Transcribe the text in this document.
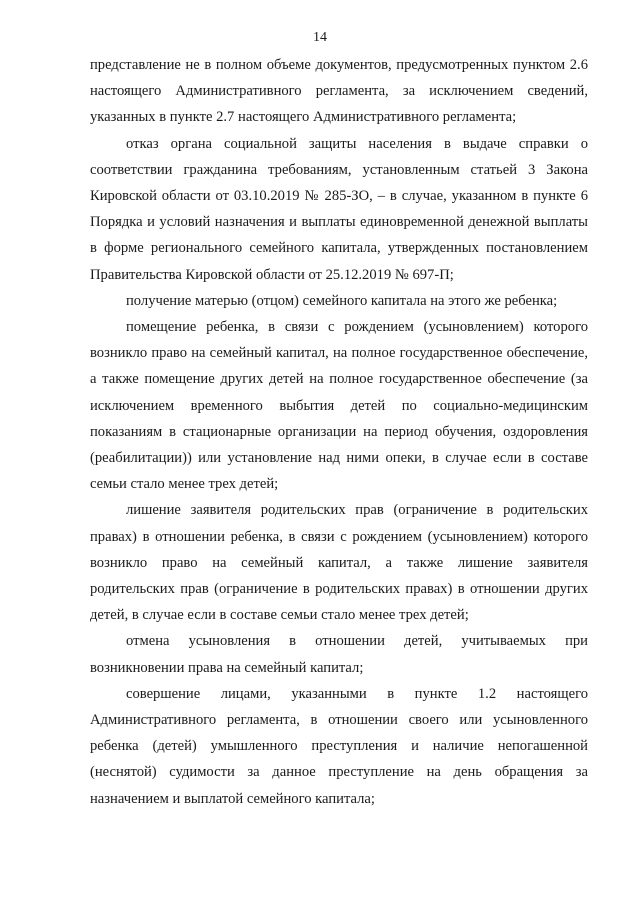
14

представление не в полном объеме документов, предусмотренных пунктом 2.6 настоящего Административного регламента, за исключением сведений, указанных в пункте 2.7 настоящего Административного регламента;

отказ органа социальной защиты населения в выдаче справки о соответствии гражданина требованиям, установленным статьей 3 Закона Кировской области от 03.10.2019 № 285-ЗО, – в случае, указанном в пункте 6 Порядка и условий назначения и выплаты единовременной денежной выплаты в форме регионального семейного капитала, утвержденных постановлением Правительства Кировской области от 25.12.2019 № 697-П;

получение матерью (отцом) семейного капитала на этого же ребенка;

помещение ребенка, в связи с рождением (усыновлением) которого возникло право на семейный капитал, на полное государственное обеспечение, а также помещение других детей на полное государственное обеспечение (за исключением временного выбытия детей по социально-медицинским показаниям в стационарные организации на период обучения, оздоровления (реабилитации)) или установление над ними опеки, в случае если в составе семьи стало менее трех детей;

лишение заявителя родительских прав (ограничение в родительских правах) в отношении ребенка, в связи с рождением (усыновлением) которого возникло право на семейный капитал, а также лишение заявителя родительских прав (ограничение в родительских правах) в отношении других детей, в случае если в составе семьи стало менее трех детей;

отмена усыновления в отношении детей, учитываемых при возникновении права на семейный капитал;

совершение лицами, указанными в пункте 1.2 настоящего Административного регламента, в отношении своего или усыновленного ребенка (детей) умышленного преступления и наличие непогашенной (неснятой) судимости за данное преступление на день обращения за назначением и выплатой семейного капитала;
